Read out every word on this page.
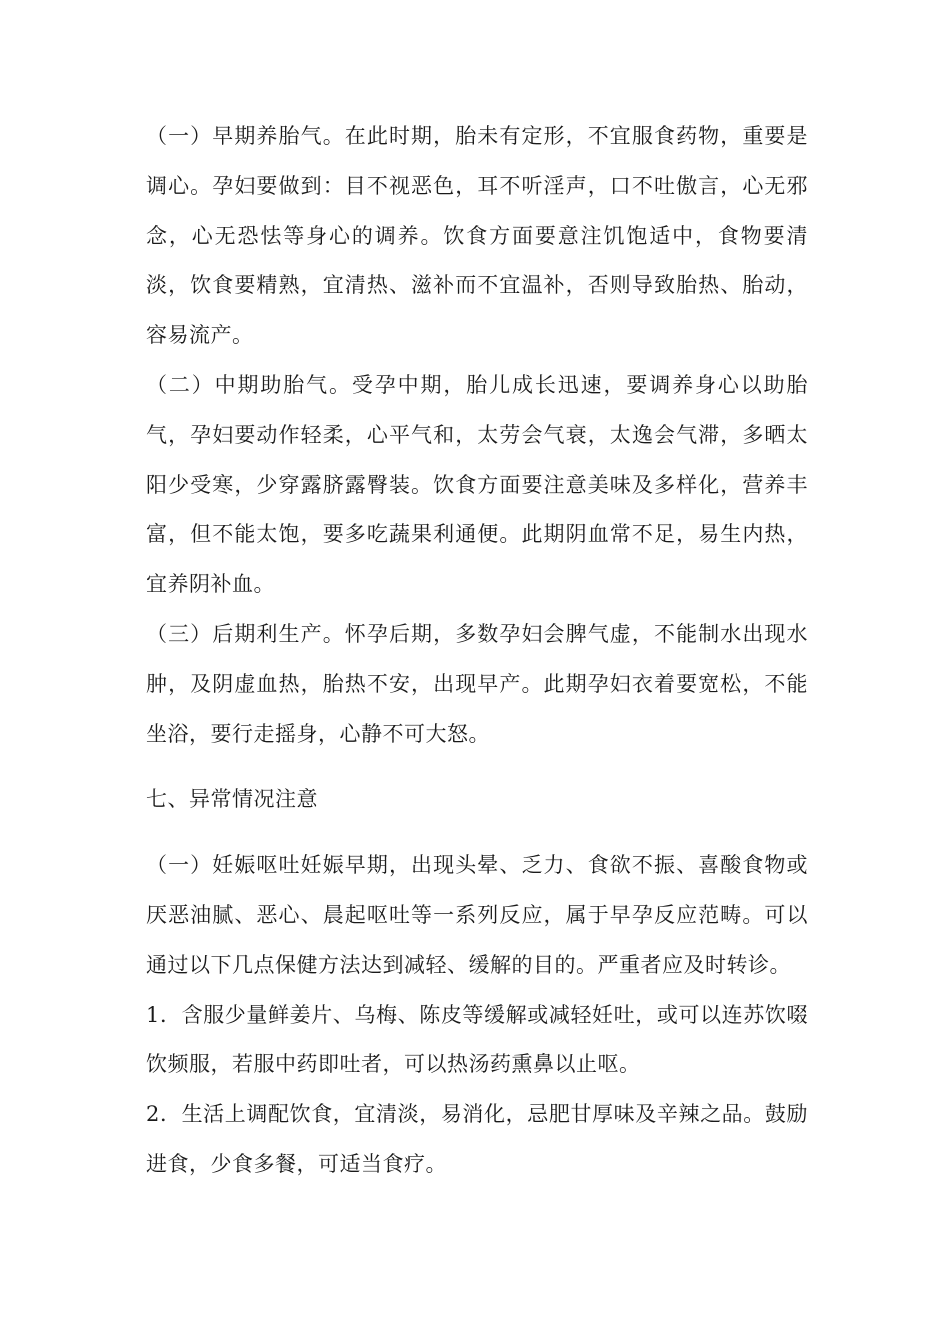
（一）早期养胎气。在此时期，胎未有定形，不宜服食药物，重要是调心。孕妇要做到：目不视恶色，耳不听淫声，口不吐傲言，心无邪念，心无恐怯等身心的调养。饮食方面要意注饥饱适中，食物要清淡，饮食要精熟，宜清热、滋补而不宜温补，否则导致胎热、胎动，容易流产。

（二）中期助胎气。受孕中期，胎儿成长迅速，要调养身心以助胎气，孕妇要动作轻柔，心平气和，太劳会气衰，太逸会气滞，多晒太阳少受寒，少穿露脐露臀装。饮食方面要注意美味及多样化，营养丰富，但不能太饱，要多吃蔬果利通便。此期阴血常不足，易生内热，宜养阴补血。

（三）后期利生产。怀孕后期，多数孕妇会脾气虚，不能制水出现水肿，及阴虚血热，胎热不安，出现早产。此期孕妇衣着要宽松，不能坐浴，要行走摇身，心静不可大怒。

七、异常情况注意

（一）妊娠呕吐妊娠早期，出现头晕、乏力、食欲不振、喜酸食物或厌恶油腻、恶心、晨起呕吐等一系列反应，属于早孕反应范畴。可以通过以下几点保健方法达到减轻、缓解的目的。严重者应及时转诊。

1．含服少量鲜姜片、乌梅、陈皮等缓解或减轻妊吐，或可以连苏饮啜饮频服，若服中药即吐者，可以热汤药熏鼻以止呕。

2．生活上调配饮食，宜清淡，易消化，忌肥甘厚味及辛辣之品。鼓励进食，少食多餐，可适当食疗。
